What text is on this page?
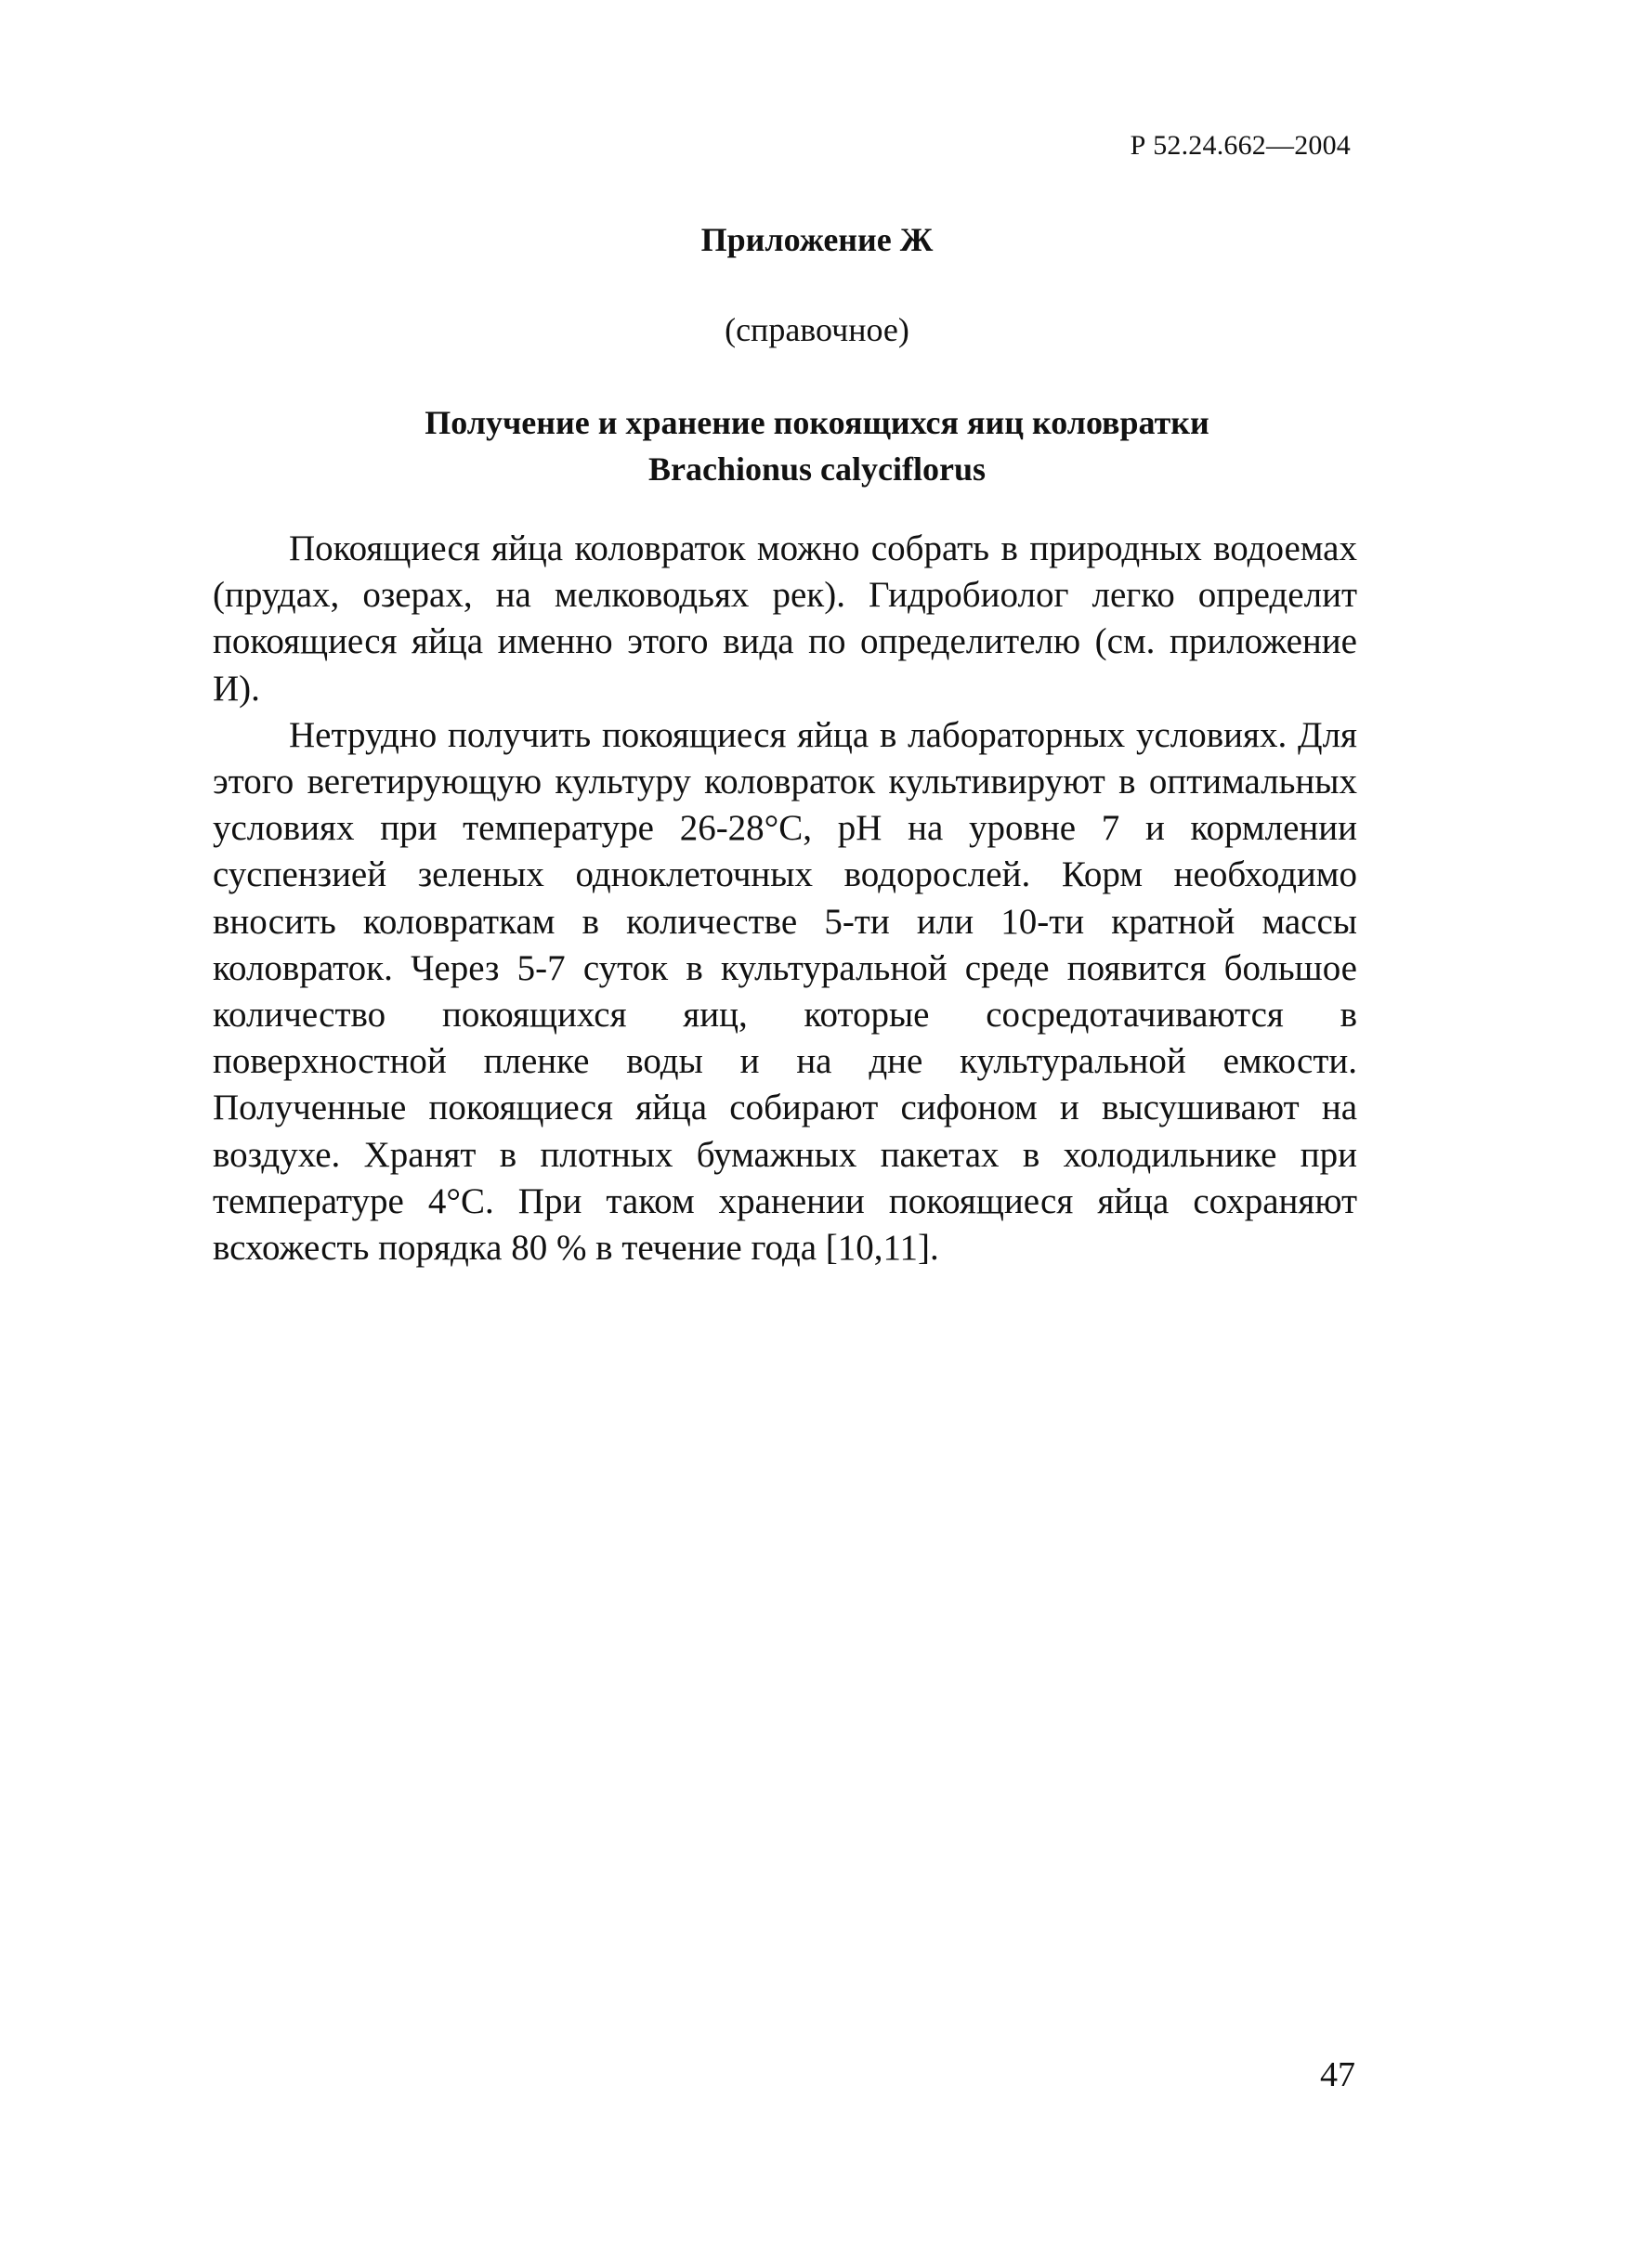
Р 52.24.662—2004
Приложение Ж
(справочное)
Получение и хранение покоящихся яиц коловратки
Brachionus calyciflorus

Покоящиеся яйца коловраток можно собрать в природных водоемах (прудах, озерах, на мелководьях рек). Гидробиолог легко определит покоящиеся яйца именно этого вида по определителю (см. приложение И).

Нетрудно получить покоящиеся яйца в лабораторных условиях. Для этого вегетирующую культуру коловраток культивируют в оптимальных условиях при температуре 26-28°С, pH на уровне 7 и кормлении суспензией зеленых одноклеточных водорослей. Корм необходимо вносить коловраткам в количестве 5-ти или 10-ти кратной массы коловраток. Через 5-7 суток в культуральной среде появится большое количество покоящихся яиц, которые сосредотачиваются в поверхностной пленке воды и на дне культуральной емкости. Полученные покоящиеся яйца собирают сифоном и высушивают на воздухе. Хранят в плотных бумажных пакетах в холодильнике при температуре 4°С. При таком хранении покоящиеся яйца сохраняют всхожесть порядка 80 % в течение года [10,11].

47
